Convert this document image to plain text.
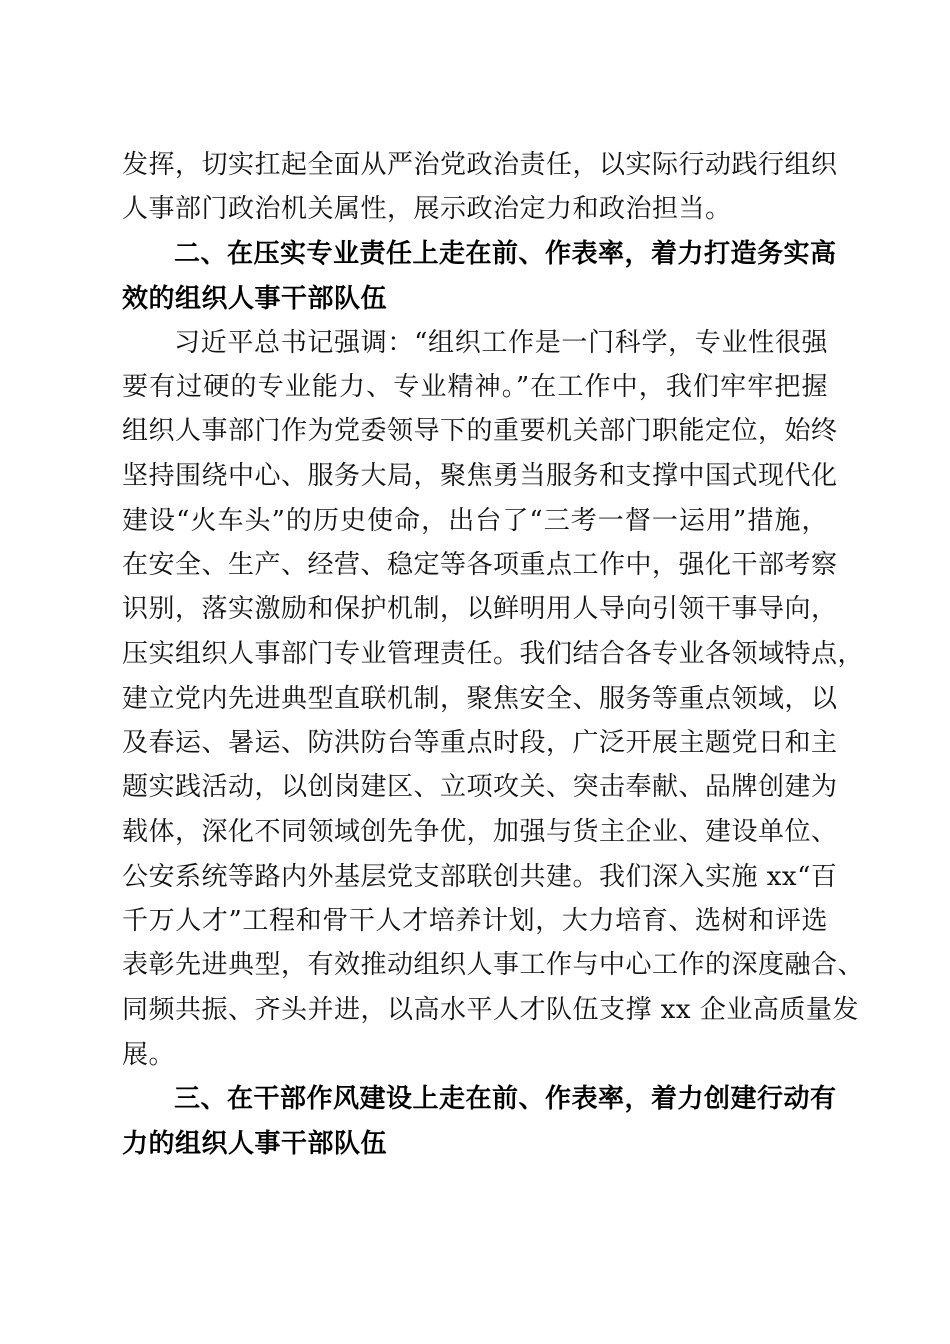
发挥，切实扛起全面从严治党政治责任，以实际行动践行组织
人事部门政治机关属性，展示政治定力和政治担当。
二、在压实专业责任上走在前、作表率，着力打造务实高
效的组织人事干部队伍
习近平总书记强调：“组织工作是一门科学，专业性很强
要有过硬的专业能力、专业精神。”在工作中，我们牢牢把握
组织人事部门作为党委领导下的重要机关部门职能定位，始终
坚持围绕中心、服务大局，聚焦勇当服务和支撑中国式现代化
建设“火车头”的历史使命，出台了“三考一督一运用”措施，
在安全、生产、经营、稳定等各项重点工作中，强化干部考察
识别，落实激励和保护机制，以鲜明用人导向引领干事导向，
压实组织人事部门专业管理责任。我们结合各专业各领域特点，
建立党内先进典型直联机制，聚焦安全、服务等重点领域，以
及春运、暑运、防洪防台等重点时段，广泛开展主题党日和主
题实践活动，以创岗建区、立项攻关、突击奉献、品牌创建为
载体，深化不同领域创先争优，加强与货主企业、建设单位、
公安系统等路内外基层党支部联创共建。我们深入实施 xx“百
千万人才”工程和骨干人才培养计划，大力培育、选树和评选
表彰先进典型，有效推动组织人事工作与中心工作的深度融合、
同频共振、齐头并进，以高水平人才队伍支撑 xx 企业高质量发
展。
三、在干部作风建设上走在前、作表率，着力创建行动有
力的组织人事干部队伍
